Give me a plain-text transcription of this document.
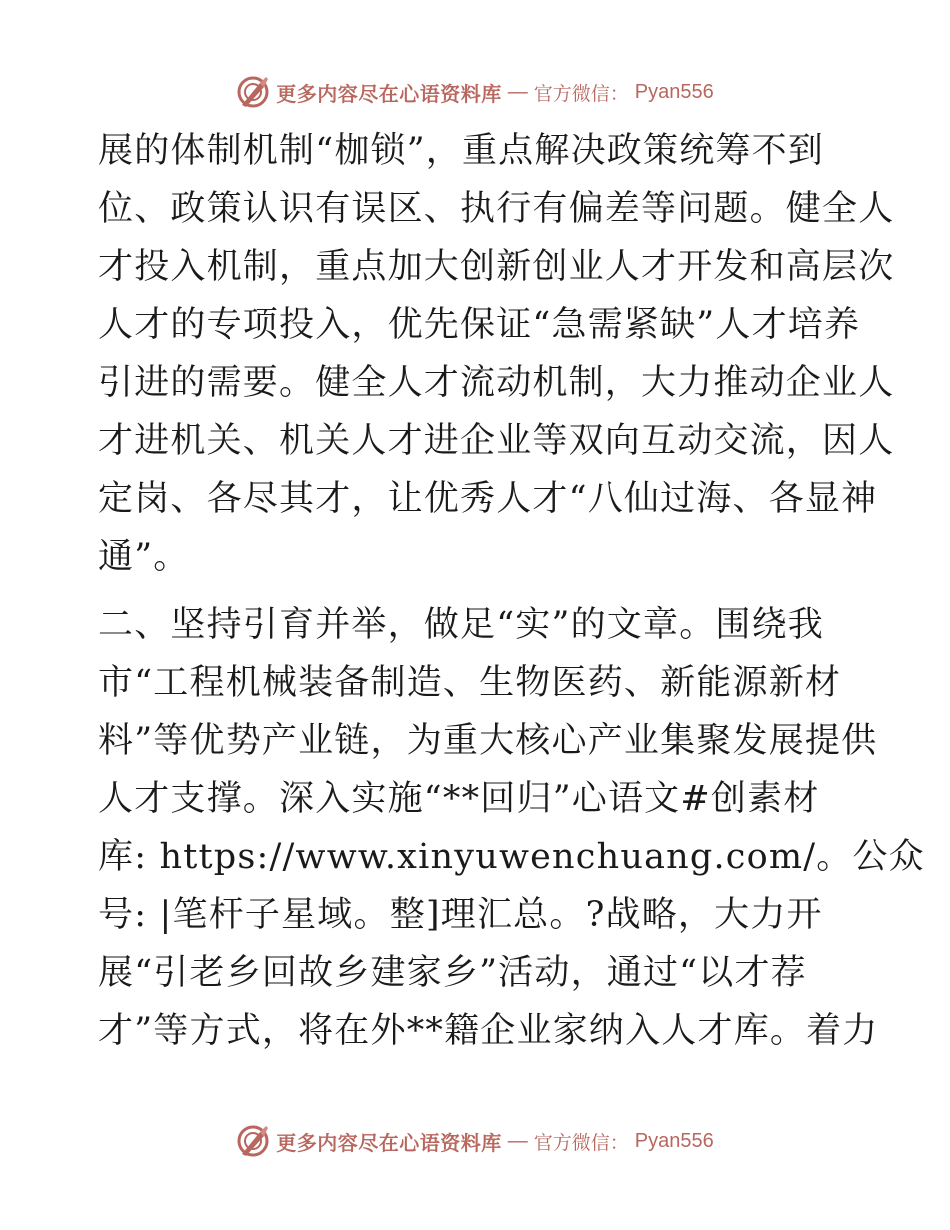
更多内容尽在心语资料库 — 官方微信： Pyan556
展的体制机制“枷锁”，重点解决政策统筹不到
位、政策认识有误区、执行有偏差等问题。健全人
才投入机制，重点加大创新创业人才开发和高层次
人才的专项投入，优先保证“急需紧缺”人才培养
引进的需要。健全人才流动机制，大力推动企业人
才进机关、机关人才进企业等双向互动交流，因人
定岗、各尽其才，让优秀人才“八仙过海、各显神
通”。
二、坚持引育并举，做足“实”的文章。围绕我
市“工程机械装备制造、生物医药、新能源新材
料”等优势产业链，为重大核心产业集聚发展提供
人才支撑。深入实施“**回归”心语文#创素材
库: https://www.xinyuwenchuang.com/。公众
号: |笔杆子星域。整]理汇总。?战略，大力开
展“引老乡回故乡建家乡”活动，通过“以才荐
才”等方式，将在外**籍企业家纳入人才库。着力
更多内容尽在心语资料库 — 官方微信： Pyan556
